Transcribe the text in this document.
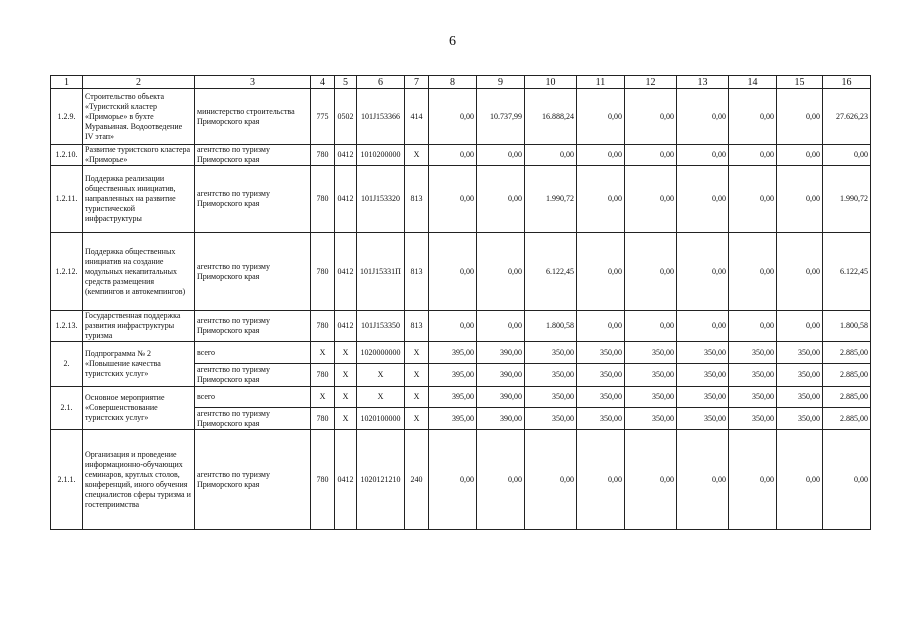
6
1	2	3	4	5	6	7	8	9	10	11	12	13	14	15	16
1.2.9.	Строительство объекта «Туристский кластер «Приморье» в бухте Муравьиная. Водоотведение IV этап»	министерство строительства Приморского края	775	0502	101J153366	414	0,00	10.737,99	16.888,24	0,00	0,00	0,00	0,00	0,00	27.626,23
1.2.10.	Развитие туристского кластера «Приморье»	агентство по туризму Приморского края	780	0412	1010200000	X	0,00	0,00	0,00	0,00	0,00	0,00	0,00	0,00	0,00
1.2.11.	Поддержка реализации общественных инициатив, направленных на развитие туристической инфраструктуры	агентство по туризму Приморского края	780	0412	101J153320	813	0,00	0,00	1.990,72	0,00	0,00	0,00	0,00	0,00	1.990,72
1.2.12.	Поддержка общественных инициатив на создание модульных некапитальных средств размещения (кемпингов и автокемпингов)	агентство по туризму Приморского края	780	0412	101J15331П	813	0,00	0,00	6.122,45	0,00	0,00	0,00	0,00	0,00	6.122,45
1.2.13.	Государственная поддержка развития инфраструктуры туризма	агентство по туризму Приморского края	780	0412	101J153350	813	0,00	0,00	1.800,58	0,00	0,00	0,00	0,00	0,00	1.800,58
2.	Подпрограмма № 2 «Повышение качества туристских услуг»	всего	X	X	1020000000	X	395,00	390,00	350,00	350,00	350,00	350,00	350,00	350,00	2.885,00
		агентство по туризму Приморского края	780	X	X	X	395,00	390,00	350,00	350,00	350,00	350,00	350,00	350,00	2.885,00
2.1.	Основное мероприятие «Совершенствование туристских услуг»	всего	X	X	X	X	395,00	390,00	350,00	350,00	350,00	350,00	350,00	350,00	2.885,00
		агентство по туризму Приморского края	780	X	1020100000	X	395,00	390,00	350,00	350,00	350,00	350,00	350,00	350,00	2.885,00
2.1.1.	Организация и проведение информационно-обучающих семинаров, круглых столов, конференций, иного обучения специалистов сферы туризма и гостеприимства	агентство по туризму Приморского края	780	0412	1020121210	240	0,00	0,00	0,00	0,00	0,00	0,00	0,00	0,00	0,00
